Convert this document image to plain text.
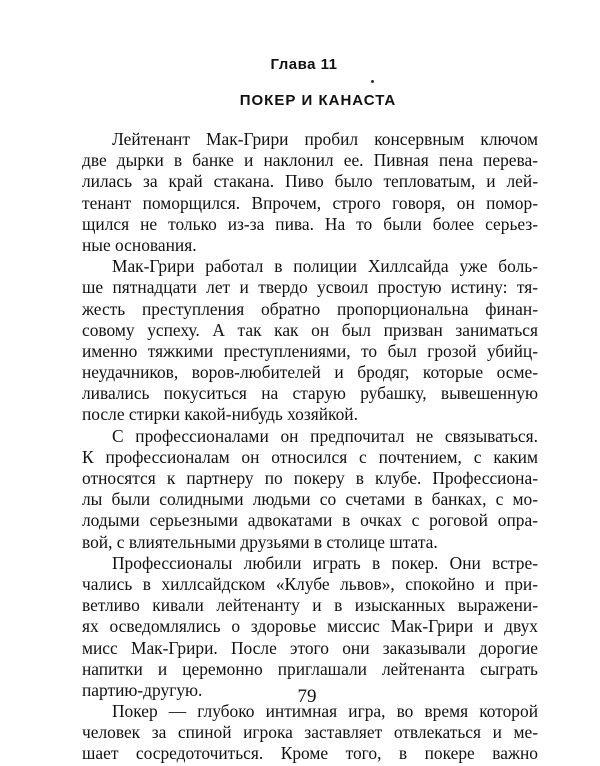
Глава 11
ПОКЕР И КАНАСТА
Лейтенант Мак-Грири пробил консервным ключом
две дырки в банке и наклонил ее. Пивная пена перева-
лилась за край стакана. Пиво было тепловатым, и лей-
тенант поморщился. Впрочем, строго говоря, он помор-
щился не только из-за пива. На то были более серьез-
ные основания.
Мак-Грири работал в полиции Хиллсайда уже боль-
ше пятнадцати лет и твердо усвоил простую истину: тя-
жесть преступления обратно пропорциональна финан-
совому успеху. А так как он был призван заниматься
именно тяжкими преступлениями, то был грозой убийц-
неудачников, воров-любителей и бродяг, которые осме-
ливались покуситься на старую рубашку, вывешенную
после стирки какой-нибудь хозяйкой.
С профессионалами он предпочитал не связываться.
К профессионалам он относился с почтением, с каким
относятся к партнеру по покеру в клубе. Профессиона-
лы были солидными людьми со счетами в банках, с мо-
лодыми серьезными адвокатами в очках с роговой опра-
вой, с влиятельными друзьями в столице штата.
Профессионалы любили играть в покер. Они встре-
чались в хиллсайдском «Клубе львов», спокойно и при-
ветливо кивали лейтенанту и в изысканных выражени-
ях осведомлялись о здоровье миссис Мак-Грири и двух
мисс Мак-Грири. После этого они заказывали дорогие
напитки и церемонно приглашали лейтенанта сыграть
партию-другую.
Покер — глубоко интимная игра, во время которой
человек за спиной игрока заставляет отвлекаться и ме-
шает сосредоточиться. Кроме того, в покере важно
79
